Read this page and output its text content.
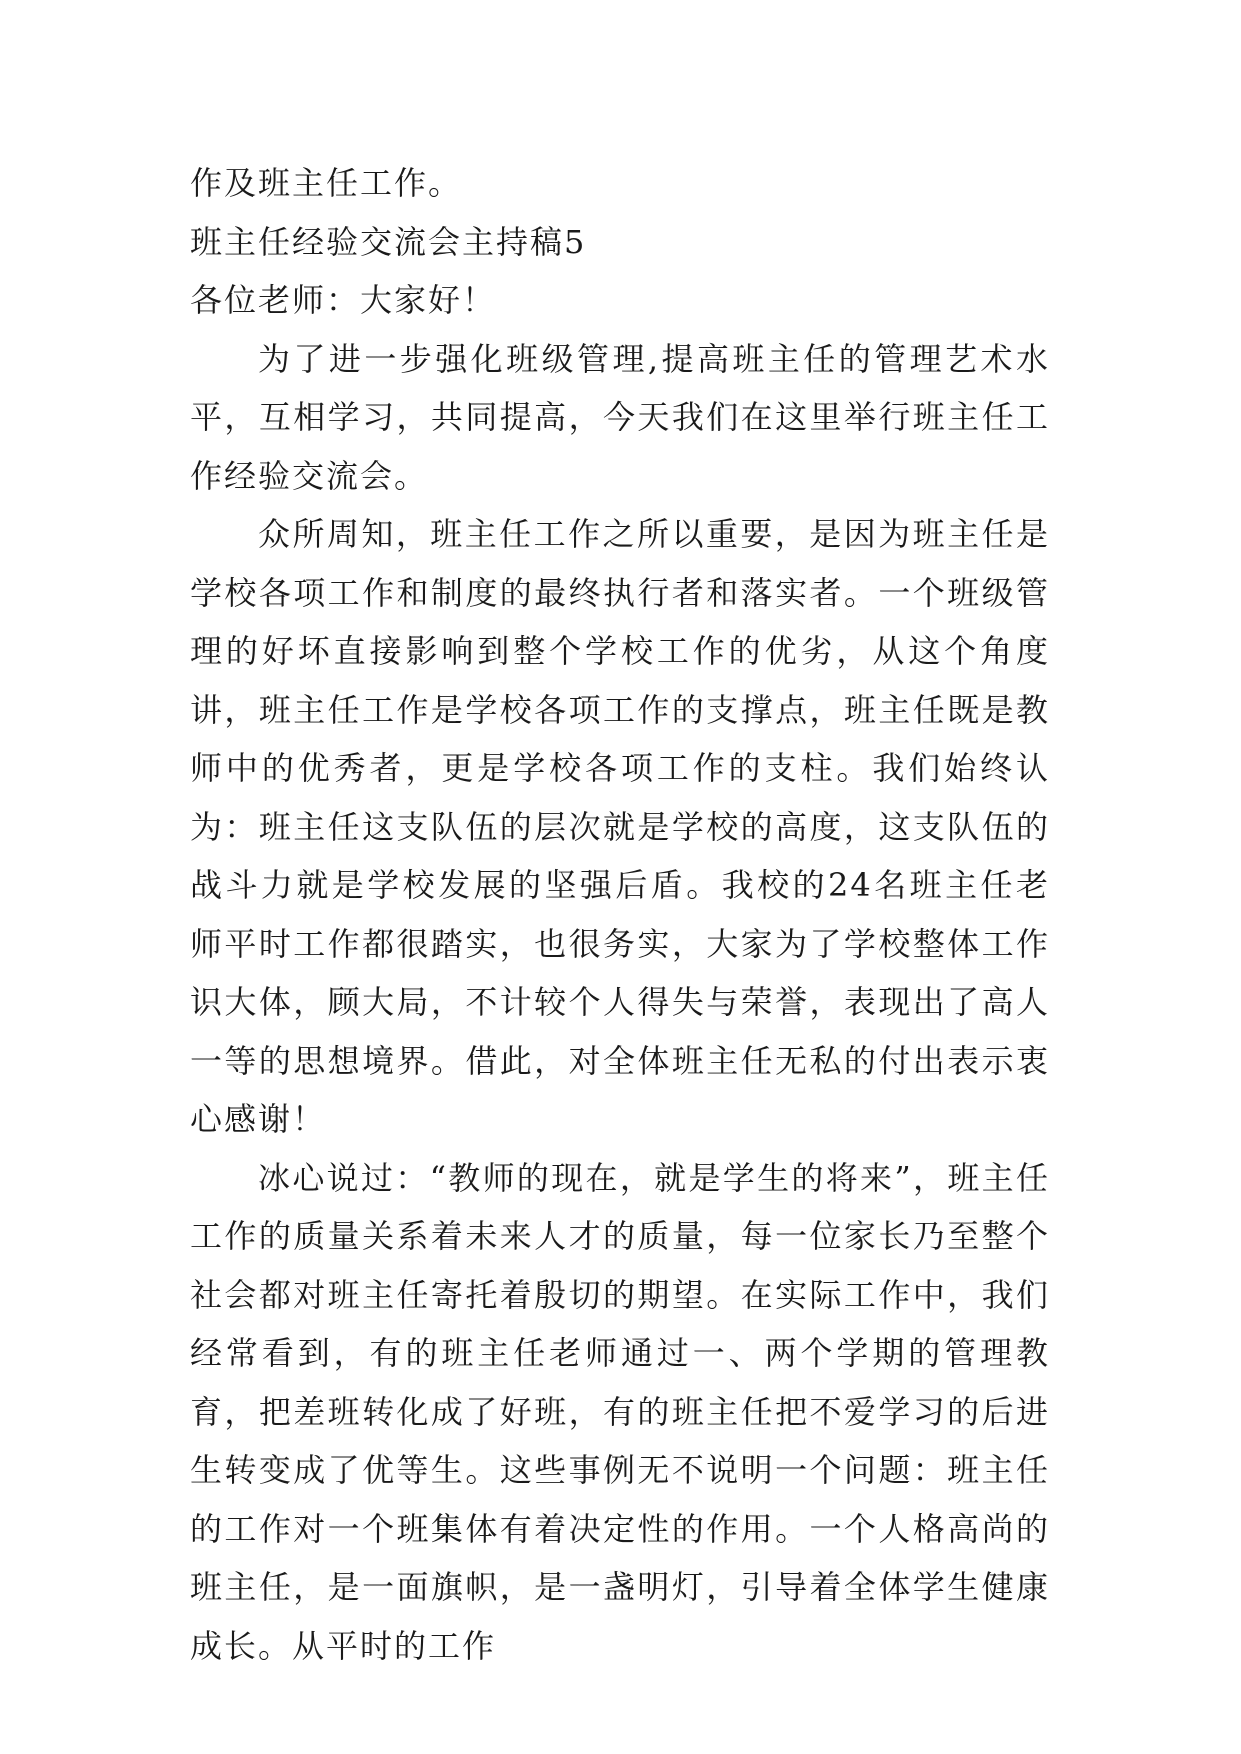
作及班主任工作。

班主任经验交流会主持稿5

各位老师：大家好！

为了进一步强化班级管理,提高班主任的管理艺术水平，互相学习，共同提高，今天我们在这里举行班主任工作经验交流会。

众所周知，班主任工作之所以重要，是因为班主任是学校各项工作和制度的最终执行者和落实者。一个班级管理的好坏直接影响到整个学校工作的优劣，从这个角度讲，班主任工作是学校各项工作的支撑点，班主任既是教师中的优秀者，更是学校各项工作的支柱。我们始终认为：班主任这支队伍的层次就是学校的高度，这支队伍的战斗力就是学校发展的坚强后盾。我校的24名班主任老师平时工作都很踏实，也很务实，大家为了学校整体工作识大体，顾大局，不计较个人得失与荣誉，表现出了高人一等的思想境界。借此，对全体班主任无私的付出表示衷心感谢！

冰心说过：“教师的现在，就是学生的将来”，班主任工作的质量关系着未来人才的质量，每一位家长乃至整个社会都对班主任寄托着殷切的期望。在实际工作中，我们经常看到，有的班主任老师通过一、两个学期的管理教育，把差班转化成了好班，有的班主任把不爱学习的后进生转变成了优等生。这些事例无不说明一个问题：班主任的工作对一个班集体有着决定性的作用。一个人格高尚的班主任，是一面旗帜，是一盏明灯，引导着全体学生健康成长。从平时的工作
